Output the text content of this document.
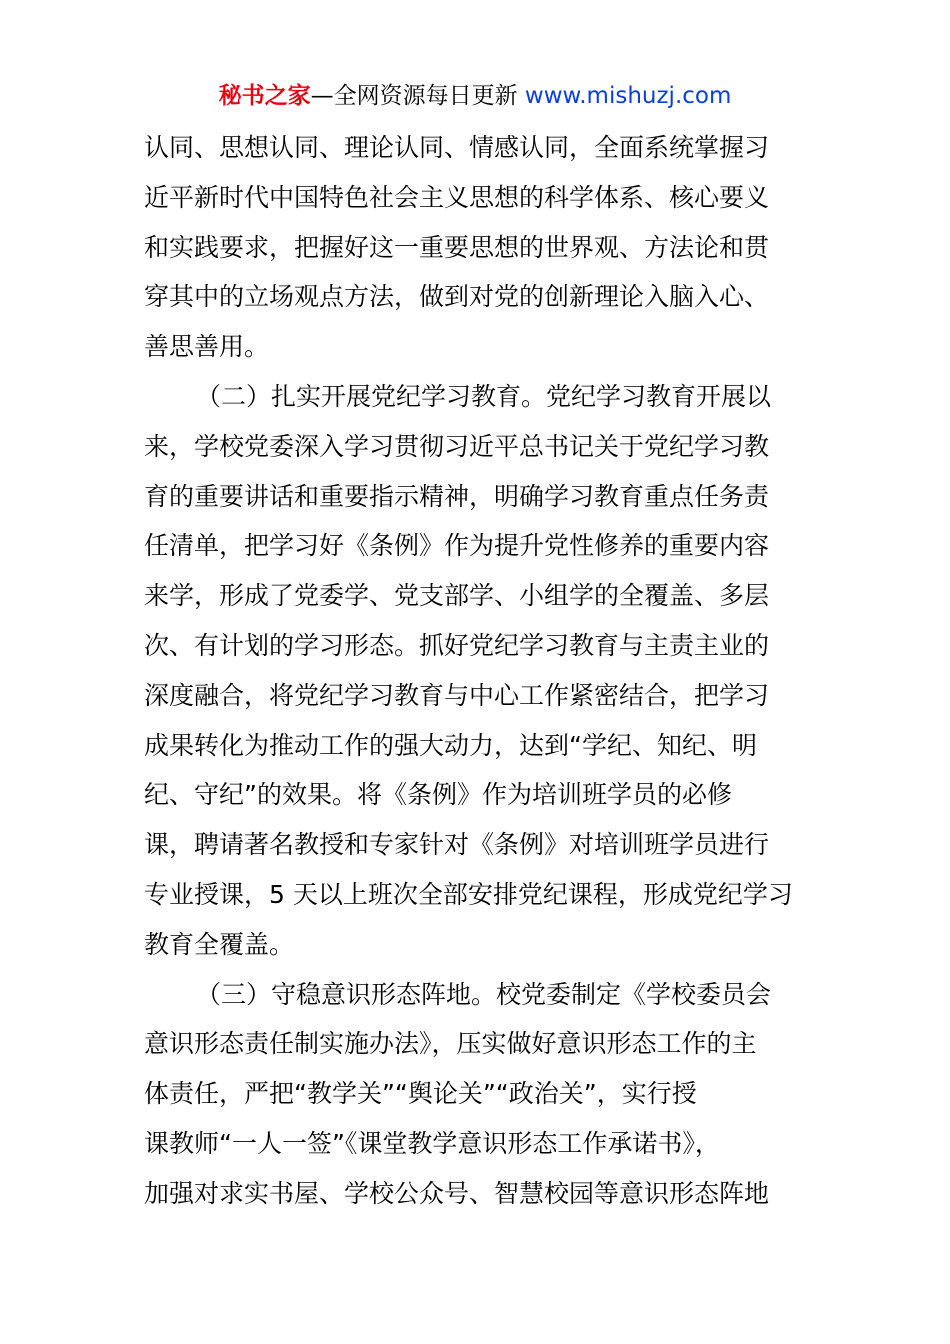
秘书之家—全网资源每日更新 www.mishuzj.com
认同、思想认同、理论认同、情感认同，全面系统掌握习
近平新时代中国特色社会主义思想的科学体系、核心要义
和实践要求，把握好这一重要思想的世界观、方法论和贯
穿其中的立场观点方法，做到对党的创新理论入脑入心、
善思善用。
（二）扎实开展党纪学习教育。党纪学习教育开展以
来，学校党委深入学习贯彻习近平总书记关于党纪学习教
育的重要讲话和重要指示精神，明确学习教育重点任务责
任清单，把学习好《条例》作为提升党性修养的重要内容
来学，形成了党委学、党支部学、小组学的全覆盖、多层
次、有计划的学习形态。抓好党纪学习教育与主责主业的
深度融合，将党纪学习教育与中心工作紧密结合，把学习
成果转化为推动工作的强大动力，达到“学纪、知纪、明
纪、守纪”的效果。将《条例》作为培训班学员的必修
课，聘请著名教授和专家针对《条例》对培训班学员进行
专业授课，5 天以上班次全部安排党纪课程，形成党纪学习
教育全覆盖。
（三）守稳意识形态阵地。校党委制定《学校委员会
意识形态责任制实施办法》，压实做好意识形态工作的主
体责任，严把“教学关”“舆论关”“政治关”，实行授
课教师“一人一签”《课堂教学意识形态工作承诺书》，
加强对求实书屋、学校公众号、智慧校园等意识形态阵地
